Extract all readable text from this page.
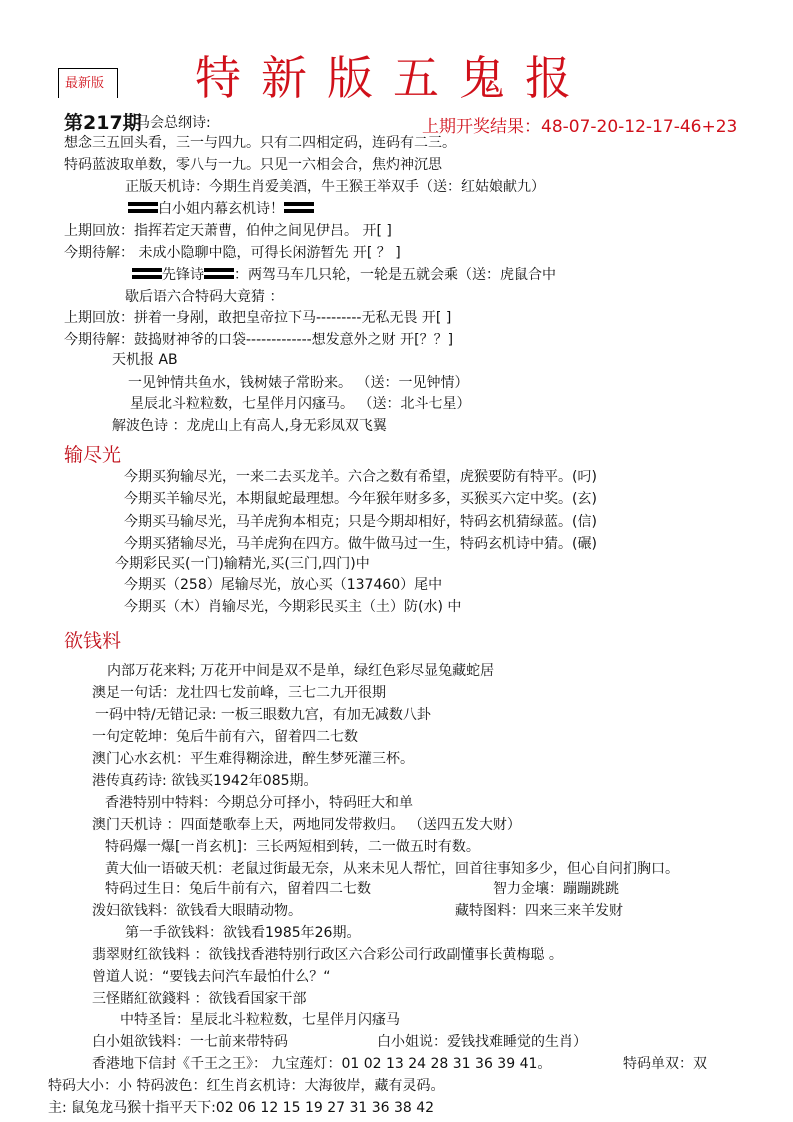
最新版	特新版五鬼报
第217期
马会总纲诗:	上期开奖结果：48-07-20-12-17-46+23
想念三五回头看，三一与四九。只有二四相定码，连码有二三。
特码蓝波取单数，零八与一九。只见一六相会合，焦灼神沉思
正版天机诗：今期生肖爱美酒，牛王猴王举双手（送：红姑娘献九）
白小姐内幕玄机诗！
上期回放：指挥若定天萧曹，伯仲之间见伊吕。 开[ ]
今期待解： 未成小隐聊中隐，可得长闲游暂先 开[ ？ ]
先锋诗 ：两驾马车几只轮，一轮是五就会乘（送：虎鼠合中
歇后语六合特码大竟猜 ：
上期回放：拼着一身剐，敢把皇帝拉下马---------无私无畏 开[ ]
今期待解：鼓捣财神爷的口袋-------------想发意外之财 开[？？]
天机报 AB
一见钟情共鱼水，钱树婊子常盼来。 （送：一见钟情）
星辰北斗粒粒数，七星伴月闪瘙马。 （送：北斗七星）
解波色诗 ：龙虎山上有高人,身无彩凤双飞翼
输尽光
今期买狗输尽光，一来二去买龙羊。六合之数有希望，虎猴要防有特平。(叼)
今期买羊输尽光，本期鼠蛇最理想。今年猴年财多多，买猴买六定中奖。(玄)
今期买马输尽光，马羊虎狗本相克；只是今期却相好，特码玄机猜绿蓝。(信)
今期买猪输尽光，马羊虎狗在四方。做牛做马过一生，特码玄机诗中猜。(碾)
今期彩民买(一门)输精光,买(三门,四门)中
今期买（258）尾输尽光，放心买（137460）尾中
今期买（木）肖输尽光，今期彩民买主（土）防(水) 中
欲钱料
内部万花来料; 万花开中间是双不是单，绿红色彩尽显兔藏蛇居
澳足一句话：龙壮四七发前峰，三七二九开很期
一码中特/无错记录: 一板三眼数九宫，有加无减数八卦
一句定乾坤：兔后牛前有六，留着四二七数
澳门心水玄机：平生难得糊涂进，醉生梦死灌三杯。
港传真药诗: 欲钱买1942年085期。
香港特别中特料：今期总分可择小，特码旺大和单
澳门天机诗 ：四面楚歌奉上天，两地同发带救归。 （送四五发大财）
特码爆一爆[一肖玄机]：三长两短相到转，二一做五时有数。
黄大仙一语破天机：老鼠过街最无奈，从来未见人帮忙，回首往事知多少，但心自问扪胸口。
特码过生日：兔后牛前有六，留着四二七数	智力金壤：蹦蹦跳跳
泼妇欲钱料：欲钱看大眼睛动物。	藏特图料：四来三来羊发财
第一手欲钱料：欲钱看1985年26期。
翡翠财红欲钱料 ：欲钱找香港特别行政区六合彩公司行政副懂事长黄梅聪 。
曾道人说：“要钱去问汽车最怕什么？“
三怪賭紅欲錢料 ：欲钱看国家干部
中特圣旨：星辰北斗粒粒数，七星伴月闪瘙马
白小姐欲钱料：一七前来带特码	白小姐说：爱钱找难睡觉的生肖）
香港地下信封《千王之王》： 九宝莲灯：01 02 13 24 28 31 36 39 41。	特码单双：双
特码大小：小 特码波色：红生肖玄机诗：大海彼岸，藏有灵码。
主: 鼠兔龙马猴十指平天下:02 06 12 15 19 27 31 36 38 42
